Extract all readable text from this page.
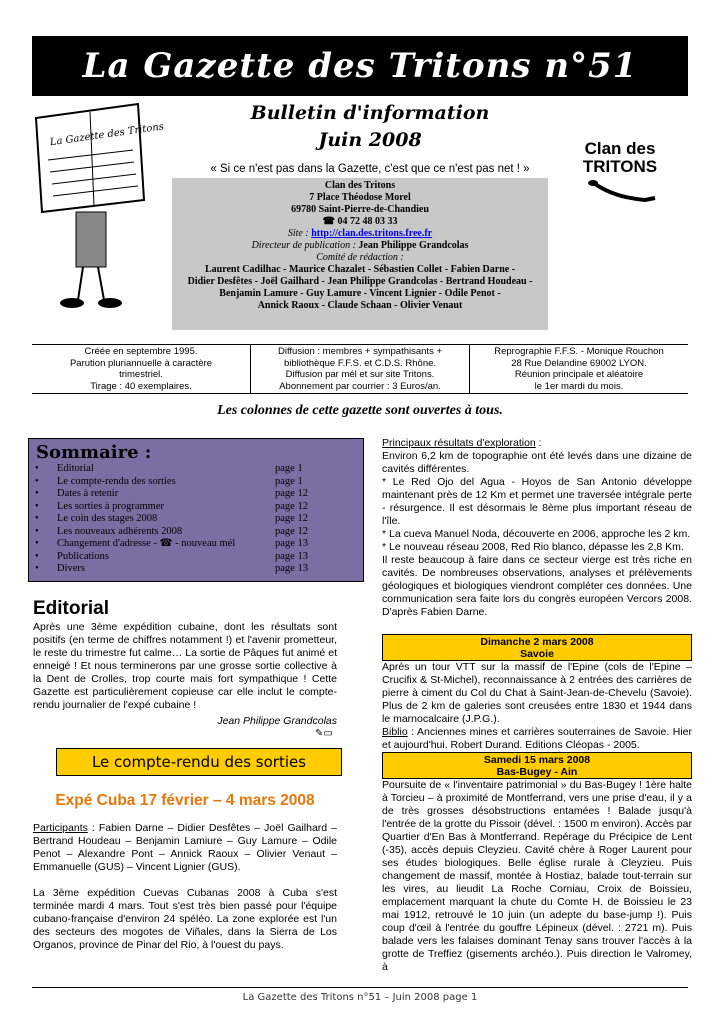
La Gazette des Tritons n°51
La Gazette des Tritons
Bulletin d'information
Juin 2008
« Si ce n'est pas dans la Gazette, c'est que ce n'est pas net ! »
Clan des
TRITONS
Clan des Tritons
7 Place Théodose Morel
69780 Saint-Pierre-de-Chandieu
☎ 04 72 48 03 33
Site : http://clan.des.tritons.free.fr
Directeur de publication : Jean Philippe Grandcolas
Comité de rédaction :
Laurent Cadilhac - Maurice Chazalet - Sébastien Collet - Fabien Darne -
Didier Desfêtes - Joël Gailhard - Jean Philippe Grandcolas - Bertrand Houdeau -
Benjamin Lamure - Guy Lamure - Vincent Lignier - Odile Penot -
Annick Raoux - Claude Schaan - Olivier Venaut
Créée en septembre 1995.
Parution pluriannuelle à caractère
trimestriel.
Tirage : 40 exemplaires.
Diffusion : membres + sympathisants +
bibliothèque F.F.S. et C.D.S. Rhône.
Diffusion par mél et sur site Tritons.
Abonnement par courrier : 3 Euros/an.
Reprographie F.F.S. - Monique Rouchon
28 Rue Delandine 69002 LYON.
Réunion principale et aléatoire
le 1er mardi du mois.
Les colonnes de cette gazette sont ouvertes à tous.
Sommaire :
•	Editorial	page 1
•	Le compte-rendu des sorties	page 1
•	Dates à retenir	page 12
•	Les sorties à programmer	page 12
•	Le coin des stages 2008	page 12
•	Les nouveaux adhérents 2008	page 12
•	Changement d'adresse - ☎ - nouveau mél	page 13
•	Publications	page 13
•	Divers	page 13
Editorial
Après une 3ème expédition cubaine, dont les résultats sont positifs (en terme de chiffres notamment !) et l'avenir prometteur, le reste du trimestre fut calme… La sortie de Pâques fut animé et enneigé ! Et nous terminerons par une grosse sortie collective à la Dent de Crolles, trop courte mais fort sympathique ! Cette Gazette est particulièrement copieuse car elle inclut le compte-rendu journalier de l'expé cubaine !
Jean Philippe Grandcolas
✎▭
Le compte-rendu des sorties
Expé Cuba 17 février – 4 mars 2008

Participants : Fabien Darne – Didier Desfêtes – Joël Gailhard – Bertrand Houdeau – Benjamin Lamiure – Guy Lamure – Odile Penot – Alexandre Pont – Annick Raoux – Olivier Venaut – Emmanuelle (GUS) – Vincent Lignier (GUS).

La 3ème expédition Cuevas Cubanas 2008 à Cuba s'est terminée mardi 4 mars. Tout s'est très bien passé pour l'équipe cubano-française d'environ 24 spéléo. La zone explorée est l'un des secteurs des mogotes de Viñales, dans la Sierra de Los Organos, province de Pinar del Rio, à l'ouest du pays.

Principaux résultats d'exploration :

Environ 6,2 km de topographie ont été levés dans une dizaine de cavités différentes.

* Le Red Ojo del Agua - Hoyos de San Antonio développe maintenant près de 12 Km et permet une traversée intégrale perte - résurgence. Il est désormais le 8ème plus important réseau de l'île.

* La cueva Manuel Noda, découverte en 2006, approche les 2 km.

* Le nouveau réseau 2008, Red Rio blanco, dépasse les 2,8 Km.

Il reste beaucoup à faire dans ce secteur vierge est très riche en cavités. De nombreuses observations, analyses et prélèvements géologiques et biologiques viendront compléter ces données. Une communication sera faite lors du congrès européen Vercors 2008. D'après Fabien Darne.

Dimanche 2 mars 2008
Savoie

Après un tour VTT sur la massif de l'Epine (cols de l'Epine – Crucifix & St-Michel), reconnaissance à 2 entrées des carrières de pierre à ciment du Col du Chat à Saint-Jean-de-Chevelu (Savoie). Plus de 2 km de galeries sont creusées entre 1830 et 1944 dans le marnocalcaire (J.P.G.).

Biblio : Anciennes mines et carrières souterraines de Savoie. Hier et aujourd'hui. Robert Durand. Editions Cléopas - 2005.

Samedi 15 mars 2008
Bas-Bugey - Ain

Poursuite de « l'inventaire patrimonial » du Bas-Bugey ! 1ère halte à Torcieu – à proximité de Montferrand, vers une prise d'eau, il y a de très grosses désobstructions entamées ! Balade jusqu'à l'entrée de la grotte du Pissoir (dével. : 1500 m environ). Accès par Quartier d'En Bas à Montferrand. Repérage du Précipice de Lent (-35), accès depuis Cleyzieu. Cavité chère à Roger Laurent pour ses études biologiques. Belle église rurale à Cleyzieu. Puis changement de massif, montée à Hostiaz, balade tout-terrain sur les vires, au lieudit La Roche Corniau, Croix de Boissieu, emplacement marquant la chute du Comte H. de Boissieu le 23 mai 1912, retrouvé le 10 juin (un adepte du base-jump !). Puis coup d'œil à l'entrée du gouffre Lépineux (dével. : 2721 m). Puis balade vers les falaises dominant Tenay sans trouver l'accès à la grotte de Treffiez (gisements archéo.). Puis direction le Valromey, à

La Gazette des Tritons n°51 – Juin 2008 page 1
